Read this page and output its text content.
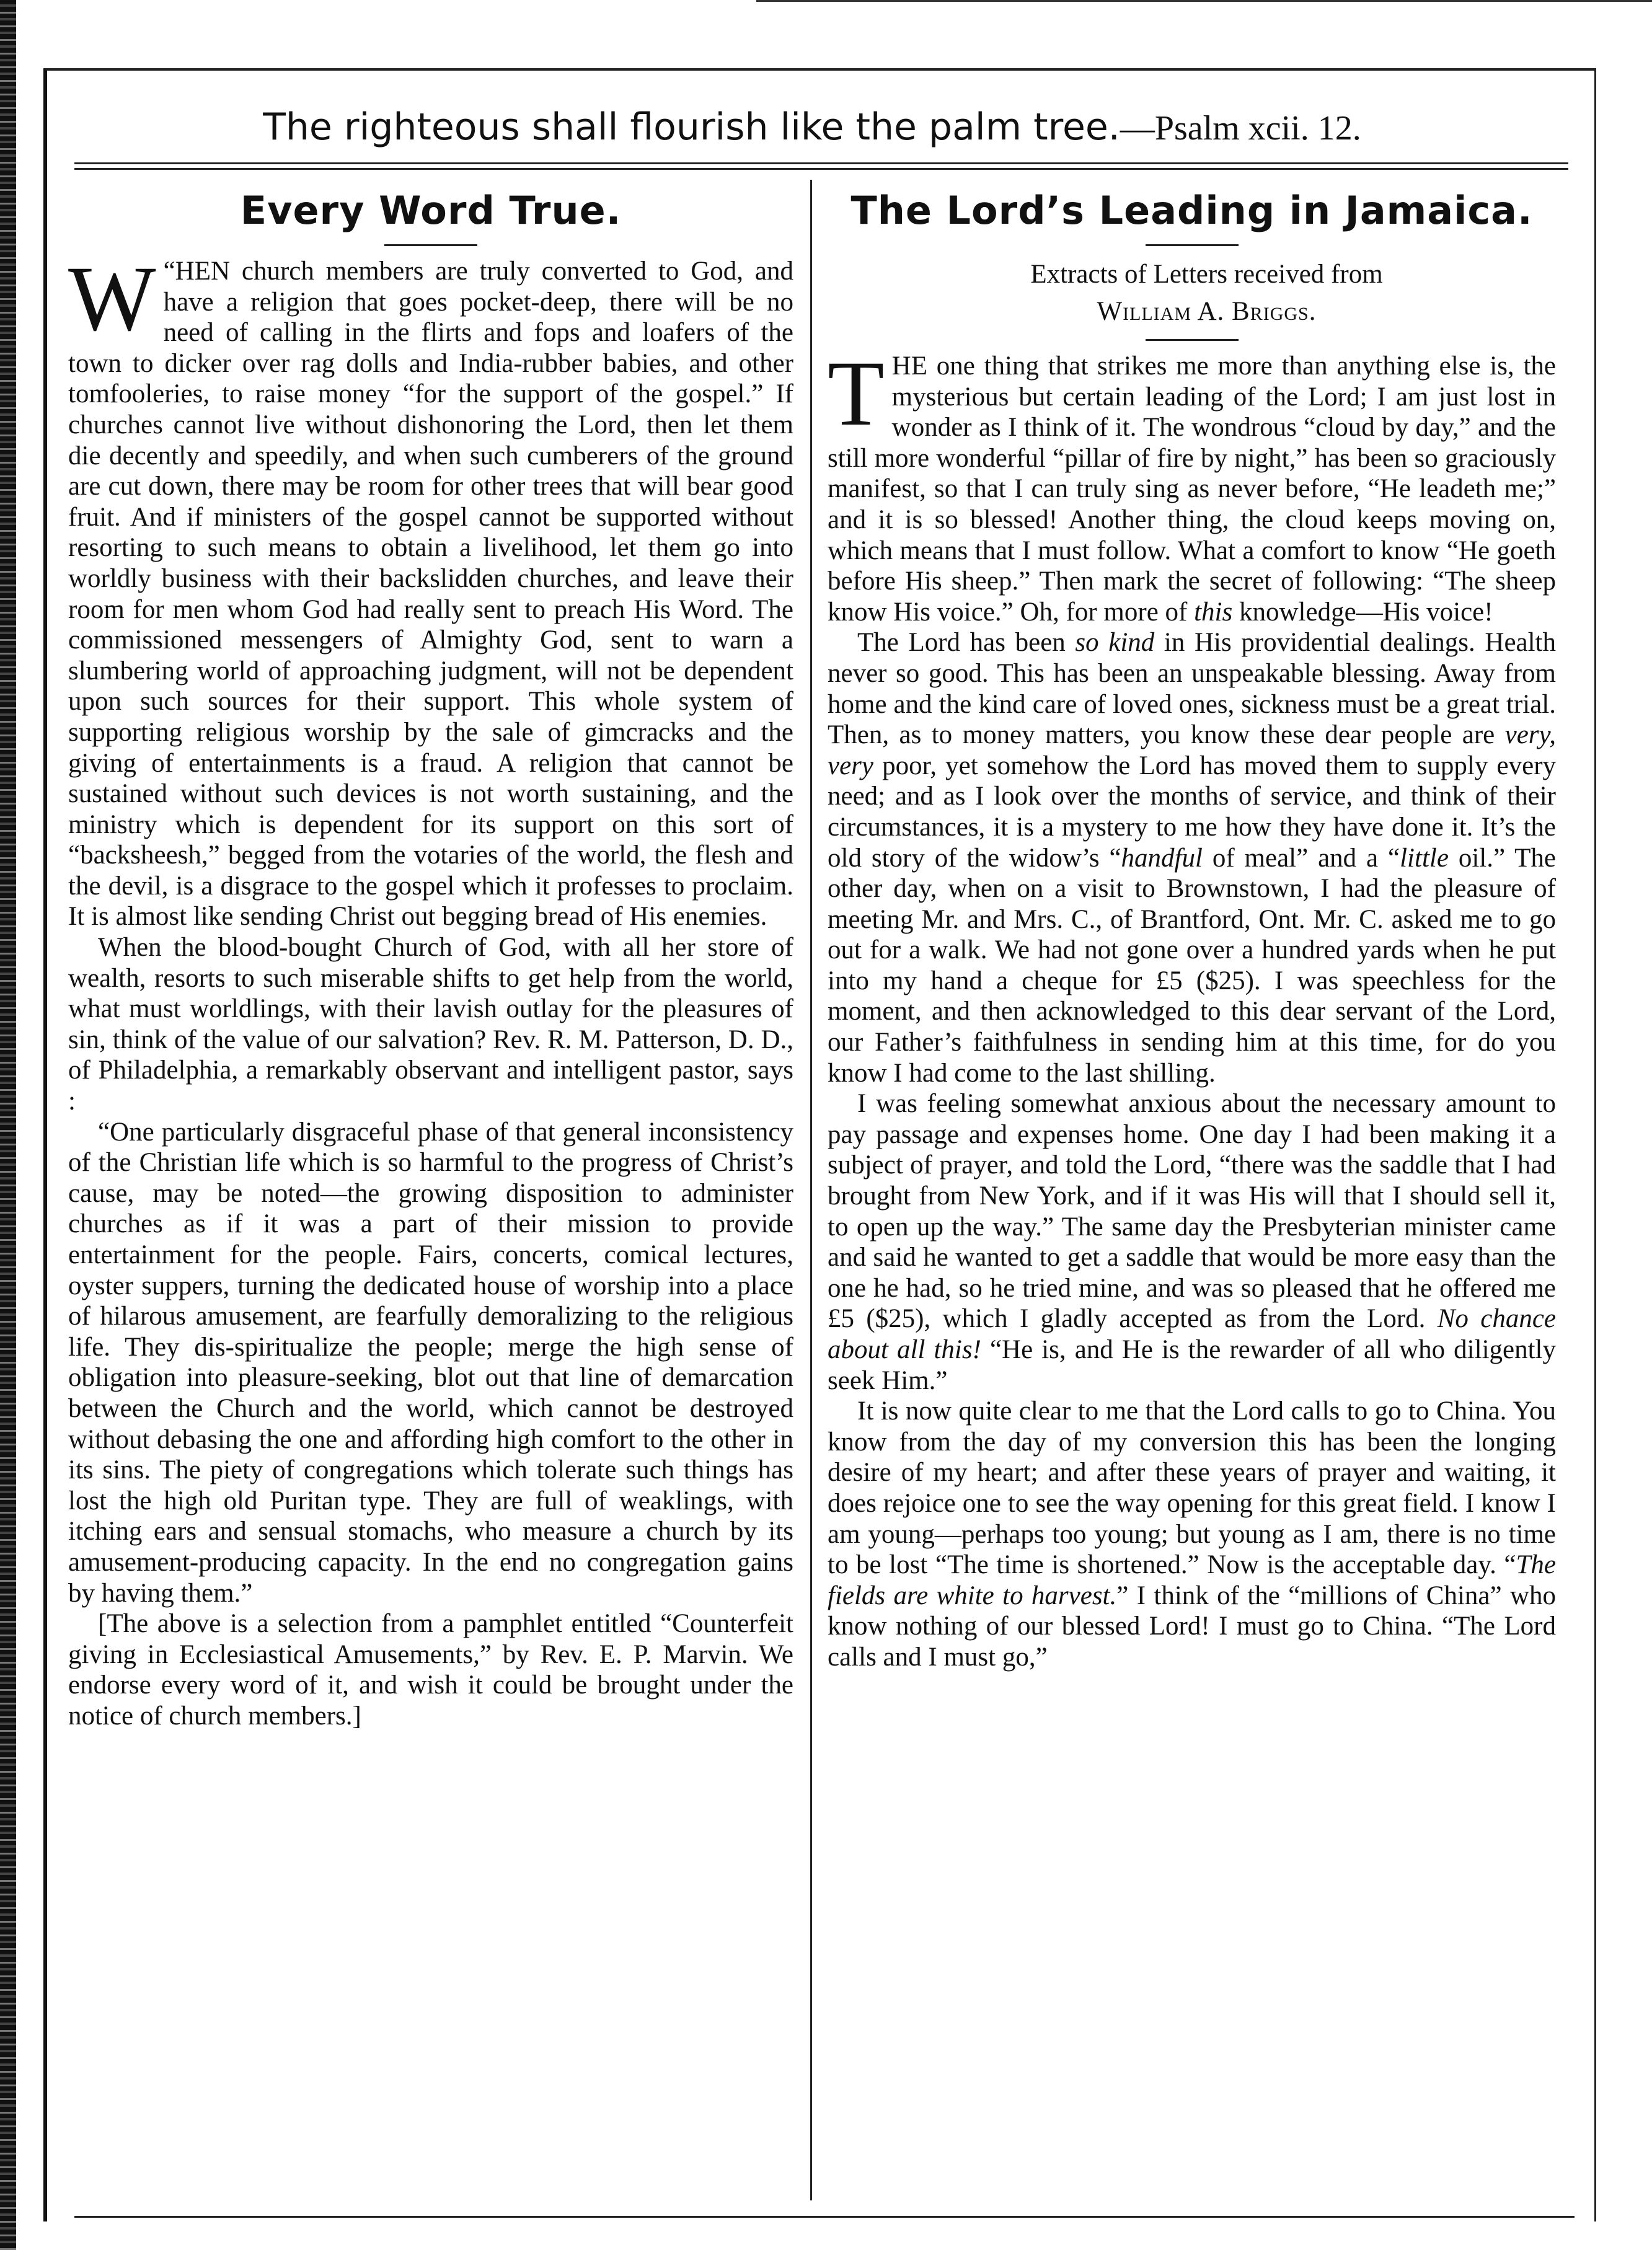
The righteous shall flourish like the palm tree.—Psalm xcii. 12.
Every Word True.

“
W HEN church members are truly converted to God, and have a religion that goes pocket-deep, there will be no need of calling in the flirts and fops and loafers of the town to dicker over rag dolls and India-rubber babies, and other tomfooleries, to raise money “for the support of the gospel.” If churches cannot live without dishonoring the Lord, then let them die decently and speedily, and when such cumberers of the ground are cut down, there may be room for other trees that will bear good fruit. And if ministers of the gospel cannot be supported without resorting to such means to obtain a livelihood, let them go into worldly business with their backslidden churches, and leave their room for men whom God had really sent to preach His Word. The commissioned messengers of Almighty God, sent to warn a slumbering world of approaching judgment, will not be dependent upon such sources for their support. This whole system of supporting religious worship by the sale of gimcracks and the giving of entertainments is a fraud. A religion that cannot be sustained without such devices is not worth sustaining, and the ministry which is dependent for its support on this sort of “backsheesh,” begged from the votaries of the world, the flesh and the devil, is a disgrace to the gospel which it professes to proclaim. It is almost like sending Christ out begging bread of His enemies.

When the blood-bought Church of God, with all her store of wealth, resorts to such miserable shifts to get help from the world, what must worldlings, with their lavish outlay for the pleasures of sin, think of the value of our salvation? Rev. R. M. Patterson, D. D., of Philadelphia, a remarkably observant and intelligent pastor, says :

“One particularly disgraceful phase of that general inconsistency of the Christian life which is so harmful to the progress of Christ’s cause, may be noted—the growing disposition to administer churches as if it was a part of their mission to provide entertainment for the people. Fairs, concerts, comical lectures, oyster suppers, turning the dedicated house of worship into a place of hilarous amusement, are fearfully demoralizing to the religious life. They dis-spiritualize the people; merge the high sense of obligation into pleasure-seeking, blot out that line of demarcation between the Church and the world, which cannot be destroyed without debasing the one and affording high comfort to the other in its sins. The piety of congregations which tolerate such things has lost the high old Puritan type. They are full of weaklings, with itching ears and sensual stomachs, who measure a church by its amusement-producing capacity. In the end no congregation gains by having them.”

[The above is a selection from a pamphlet entitled “Counterfeit giving in Ecclesiastical Amusements,” by Rev. E. P. Marvin. We endorse every word of it, and wish it could be brought under the notice of church members.]

The Lord’s Leading in Jamaica.

Extracts of Letters received from

William A. Briggs.

THE one thing that strikes me more than anything else is, the mysterious but certain leading of the Lord; I am just lost in wonder as I think of it. The wondrous “cloud by day,” and the still more wonderful “pillar of fire by night,” has been so graciously manifest, so that I can truly sing as never before, “He leadeth me;” and it is so blessed! Another thing, the cloud keeps moving on, which means that I must follow. What a comfort to know “He goeth before His sheep.” Then mark the secret of following: “The sheep know His voice.” Oh, for more of this knowledge—His voice!

The Lord has been so kind in His providential dealings. Health never so good. This has been an unspeakable blessing. Away from home and the kind care of loved ones, sickness must be a great trial. Then, as to money matters, you know these dear people are very, very poor, yet somehow the Lord has moved them to supply every need; and as I look over the months of service, and think of their circumstances, it is a mystery to me how they have done it. It’s the old story of the widow’s “handful of meal” and a “little oil.” The other day, when on a visit to Brownstown, I had the pleasure of meeting Mr. and Mrs. C., of Brantford, Ont. Mr. C. asked me to go out for a walk. We had not gone over a hundred yards when he put into my hand a cheque for £5 ($25). I was speechless for the moment, and then acknowledged to this dear servant of the Lord, our Father’s faithfulness in sending him at this time, for do you know I had come to the last shilling.

I was feeling somewhat anxious about the necessary amount to pay passage and expenses home. One day I had been making it a subject of prayer, and told the Lord, “there was the saddle that I had brought from New York, and if it was His will that I should sell it, to open up the way.” The same day the Presbyterian minister came and said he wanted to get a saddle that would be more easy than the one he had, so he tried mine, and was so pleased that he offered me £5 ($25), which I gladly accepted as from the Lord. No chance about all this! “He is, and He is the rewarder of all who diligently seek Him.”

It is now quite clear to me that the Lord calls to go to China. You know from the day of my conversion this has been the longing desire of my heart; and after these years of prayer and waiting, it does rejoice one to see the way opening for this great field. I know I am young—perhaps too young; but young as I am, there is no time to be lost “The time is shortened.” Now is the acceptable day. “The fields are white to harvest.” I think of the “millions of China” who know nothing of our blessed Lord! I must go to China. “The Lord calls and I must go,”
